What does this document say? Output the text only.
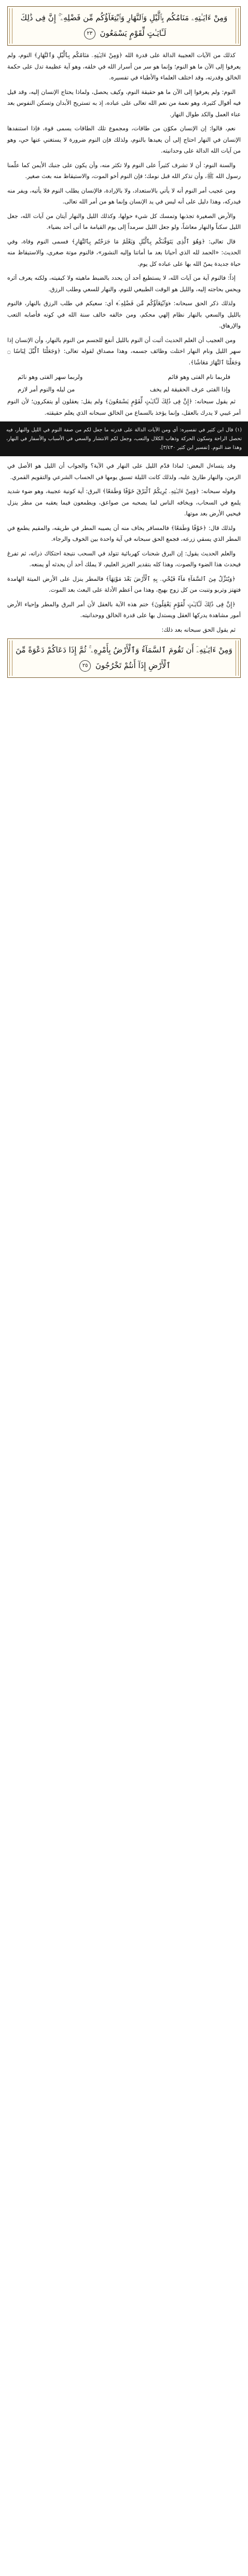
وَمِنْ ءَايَـٰتِهِۦ مَنَامُكُم بِٱلَّيْلِ وَٱلنَّهَارِ وَٱبْتِغَآؤُكُم مِّن فَضْلِهِۦٓ ۚ إِنَّ فِى ذَٰلِكَ لَـَٔايَـٰتٍ لِّقَوْمٍ يَسْمَعُونَ ٢٣

كذلك من الآيات العجيبة الدالة على قدرة الله ﴿وَمِنْ ءَايَـٰتِهِۦ مَنَامُكُم بِٱلَّيْلِ وَٱلنَّهَارِ﴾ النوم، ولم يعرفوا إلى الآن ما هو النوم؛ وإنما هو سر من أسرار الله في خلقه، وهو آية عظيمة تدل على حكمة الخالق وقدرته، وقد اختلف العلماء والأطباء في تفسيره.

النوم: ولم يعرفوا إلى الآن ما هو حقيقة النوم، وكيف يحصل، ولماذا يحتاج الإنسان إليه، وقد قيل فيه أقوال كثيرة، وهو نعمة من نعم الله تعالى على عباده، إذ به تستريح الأبدان وتسكن النفوس بعد عناء العمل والكد طوال النهار.

نعم، قالوا: إن الإنسان مكوّن من طاقات، ومجموع تلك الطاقات يسمى قوة، فإذا استنفدها الإنسان في النهار احتاج إلى أن يعيدها بالنوم، ولذلك فإن النوم ضرورة لا يستغني عنها حي، وهو من آيات الله الدالة على وحدانيته.

والسنة النوم: أن لا تشرف كثيراً على النوم ولا تكثر منه، وأن يكون على جنبك الأيمن كما علّمنا رسول الله ﷺ، وأن تذكر الله قبل نومك؛ فإن النوم أخو الموت، والاستيقاظ منه بعث صغير.

ومن عجيب أمر النوم أنه لا يأتي بالاستعداد، ولا بالإرادة، فالإنسان يطلب النوم فلا يأتيه، ويفر منه فيدركه، وهذا دليل على أنه ليس في يد الإنسان وإنما هو من أمر الله تعالى.

والأرض الصغيرة تجذبها وتمسك كل شيء حولها، وكذلك الليل والنهار آيتان من آيات الله، جعل الليل سكناً والنهار معاشاً، ولو جعل الليل سرمداً إلى يوم القيامة ما أتى أحد بضياء.

قال تعالى: ﴿وَهُوَ ٱلَّذِى يَتَوَفَّىٰكُم بِٱلَّيْلِ وَيَعْلَمُ مَا جَرَحْتُم بِٱلنَّهَارِ﴾ فسمى النوم وفاة، وفي الحديث: «الحمد لله الذي أحيانا بعد ما أماتنا وإليه النشور»، فالنوم موتة صغرى، والاستيقاظ منه حياة جديدة يمنّ الله بها على عباده كل يوم.

إذاً: فالنوم آية من آيات الله، لا يستطيع أحد أن يحدد بالضبط ماهيته ولا كيفيته، ولكنه يعرف أثره ويحس بحاجته إليه، والليل هو الوقت الطبيعي للنوم، والنهار للسعي وطلب الرزق.

ولذلك ذكر الحق سبحانه: ﴿وَٱبْتِغَآؤُكُم مِّن فَضْلِهِۦٓ﴾ أي: سعيكم في طلب الرزق بالنهار، فالنوم بالليل والسعي بالنهار نظام إلهي محكم، ومن خالفه خالف سنة الله في كونه فأصابه التعب والإرهاق.

ومن العجيب أن العلم الحديث أثبت أن النوم بالليل أنفع للجسم من النوم بالنهار، وأن الإنسان إذا سهر الليل ونام النهار اختلت وظائف جسمه، وهذا مصداق لقوله تعالى: ﴿وَجَعَلْنَا ٱلَّيْلَ لِبَاسًا ۝ وَجَعَلْنَا ٱلنَّهَارَ مَعَاشًا﴾.

فلربما نام الفتى وهو قائم
ولربما سهر الفتى وهو نائم
وإذا الفتى عرف الحقيقة لم يخف
من ليله والنوم أمر لازم

ثم يقول سبحانه: ﴿إِنَّ فِى ذَٰلِكَ لَـَٔايَـٰتٍ لِّقَوْمٍ يَسْمَعُونَ﴾ ولم يقل: يعقلون أو يتفكرون؛ لأن النوم أمر غيبي لا يدرك بالعقل، وإنما يؤخذ بالسماع من الخالق سبحانه الذي يعلم حقيقته.

(١) قال ابن كثير في تفسيره: أي ومن الآيات الدالة على قدرته ما جعل لكم من صفة النوم في الليل والنهار، فيه تحصل الراحة وسكون الحركة وذهاب الكلال والتعب، وجعل لكم الانتشار والسعي في الأسباب والأسفار في النهار، وهذا ضد النوم. [تفسير ابن كثير ٣/٤٣٠].

وقد يتساءل البعض: لماذا قدّم الليل على النهار في الآية؟ والجواب أن الليل هو الأصل في الزمن، والنهار طارئ عليه، ولذلك كانت الليلة تسبق يومها في الحساب الشرعي والتقويم القمري.

وقوله سبحانه: ﴿وَمِنْ ءَايَـٰتِهِۦ يُرِيكُمُ ٱلْبَرْقَ خَوْفًا وَطَمَعًا﴾ البرق: آية كونية عجيبة، وهو ضوء شديد يلمع في السحاب، ويخافه الناس لما يصحبه من صواعق، ويطمعون فيما يعقبه من مطر ينزل فيحيي الأرض بعد موتها.

ولذلك قال: ﴿خَوْفًا وَطَمَعًا﴾ فالمسافر يخاف منه أن يصيبه المطر في طريقه، والمقيم يطمع في المطر الذي يسقي زرعه، فجمع الحق سبحانه في آية واحدة بين الخوف والرجاء.

والعلم الحديث يقول: إن البرق شحنات كهربائية تتولد في السحب نتيجة احتكاك ذراته، ثم تفرغ فيحدث هذا الضوء والصوت، وهذا كله بتقدير العزيز العليم، لا يملك أحد أن يحدثه أو يمنعه.

﴿وَيُنَزِّلُ مِنَ ٱلسَّمَآءِ مَآءً فَيُحْىِۦ بِهِ ٱلْأَرْضَ بَعْدَ مَوْتِهَآ﴾ فالمطر ينزل على الأرض الميتة الهامدة فتهتز وتربو وتنبت من كل زوج بهيج، وهذا من أعظم الأدلة على البعث بعد الموت.

﴿إِنَّ فِى ذَٰلِكَ لَـَٔايَـٰتٍ لِّقَوْمٍ يَعْقِلُونَ﴾ ختم هذه الآية بالعقل لأن أمر البرق والمطر وإحياء الأرض أمور مشاهدة يدركها العقل ويستدل بها على قدرة الخالق ووحدانيته.

ثم يقول الحق سبحانه بعد ذلك:

وَمِنْ ءَايَـٰتِهِۦٓ أَن تَقُومَ ٱلسَّمَآءُ وَٱلْأَرْضُ بِأَمْرِهِۦ ۚ ثُمَّ إِذَا دَعَاكُمْ دَعْوَةً مِّنَ ٱلْأَرْضِ إِذَآ أَنتُمْ تَخْرُجُونَ ٢٥
